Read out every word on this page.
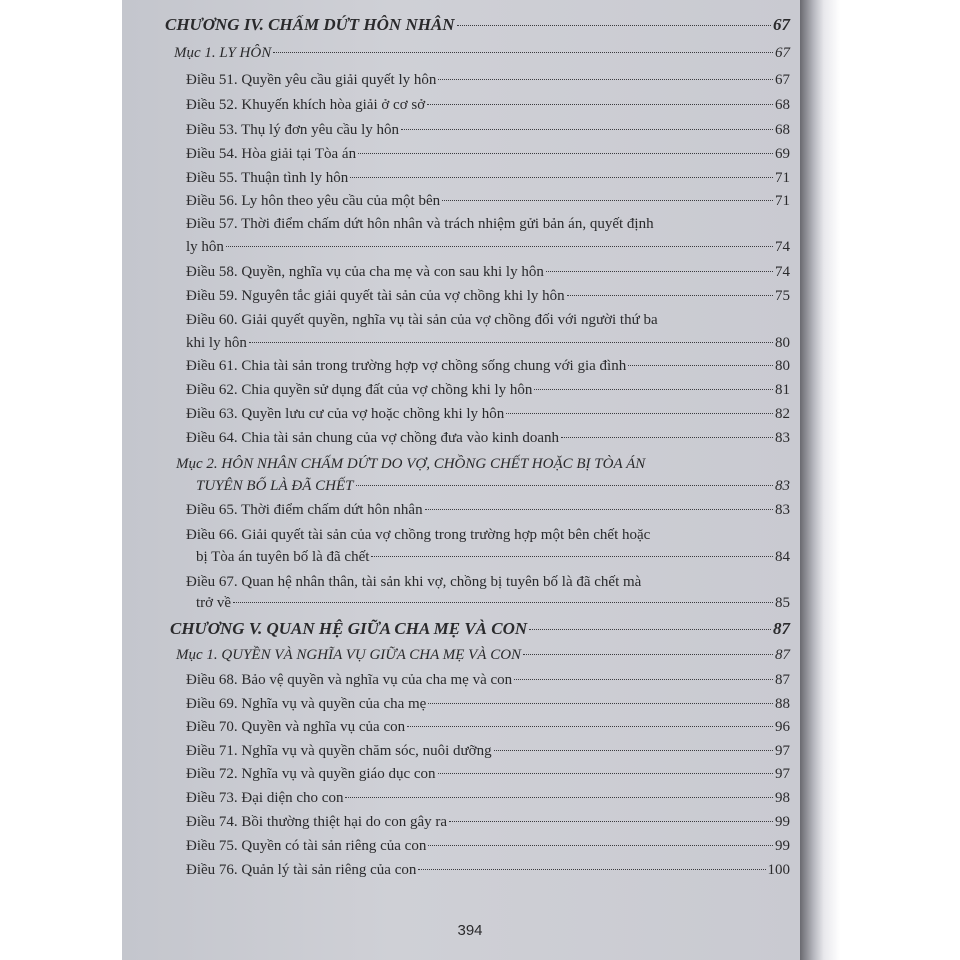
CHƯƠNG IV. CHẤM DỨT HÔN NHÂN	67
Mục 1. LY HÔN	67
Điều 51. Quyền yêu cầu giải quyết ly hôn	67
Điều 52. Khuyến khích hòa giải ở cơ sở	68
Điều 53. Thụ lý đơn yêu cầu ly hôn	68
Điều 54. Hòa giải tại Tòa án	69
Điều 55. Thuận tình ly hôn	71
Điều 56. Ly hôn theo yêu cầu của một bên	71
Điều 57. Thời điểm chấm dứt hôn nhân và trách nhiệm gửi bản án, quyết định
ly hôn	74
Điều 58. Quyền, nghĩa vụ của cha mẹ và con sau khi ly hôn	74
Điều 59. Nguyên tắc giải quyết tài sản của vợ chồng khi ly hôn	75
Điều 60. Giải quyết quyền, nghĩa vụ tài sản của vợ chồng đối với người thứ ba
khi ly hôn	80
Điều 61. Chia tài sản trong trường hợp vợ chồng sống chung với gia đình	80
Điều 62. Chia quyền sử dụng đất của vợ chồng khi ly hôn	81
Điều 63. Quyền lưu cư của vợ hoặc chồng khi ly hôn	82
Điều 64. Chia tài sản chung của vợ chồng đưa vào kinh doanh	83
Mục 2. HÔN NHÂN CHẤM DỨT DO VỢ, CHỒNG CHẾT HOẶC BỊ TÒA ÁN
TUYÊN BỐ LÀ ĐÃ CHẾT	83
Điều 65. Thời điểm chấm dứt hôn nhân	83
Điều 66. Giải quyết tài sản của vợ chồng trong trường hợp một bên chết hoặc
bị Tòa án tuyên bố là đã chết	84
Điều 67. Quan hệ nhân thân, tài sản khi vợ, chồng bị tuyên bố là đã chết mà
trở về	85
CHƯƠNG V. QUAN HỆ GIỮA CHA MẸ VÀ CON	87
Mục 1. QUYỀN VÀ NGHĨA VỤ GIỮA CHA MẸ VÀ CON	87
Điều 68. Bảo vệ quyền và nghĩa vụ của cha mẹ và con	87
Điều 69. Nghĩa vụ và quyền của cha mẹ	88
Điều 70. Quyền và nghĩa vụ của con	96
Điều 71. Nghĩa vụ và quyền chăm sóc, nuôi dưỡng	97
Điều 72. Nghĩa vụ và quyền giáo dục con	97
Điều 73. Đại diện cho con	98
Điều 74. Bồi thường thiệt hại do con gây ra	99
Điều 75. Quyền có tài sản riêng của con	99
Điều 76. Quản lý tài sản riêng của con	100
394
